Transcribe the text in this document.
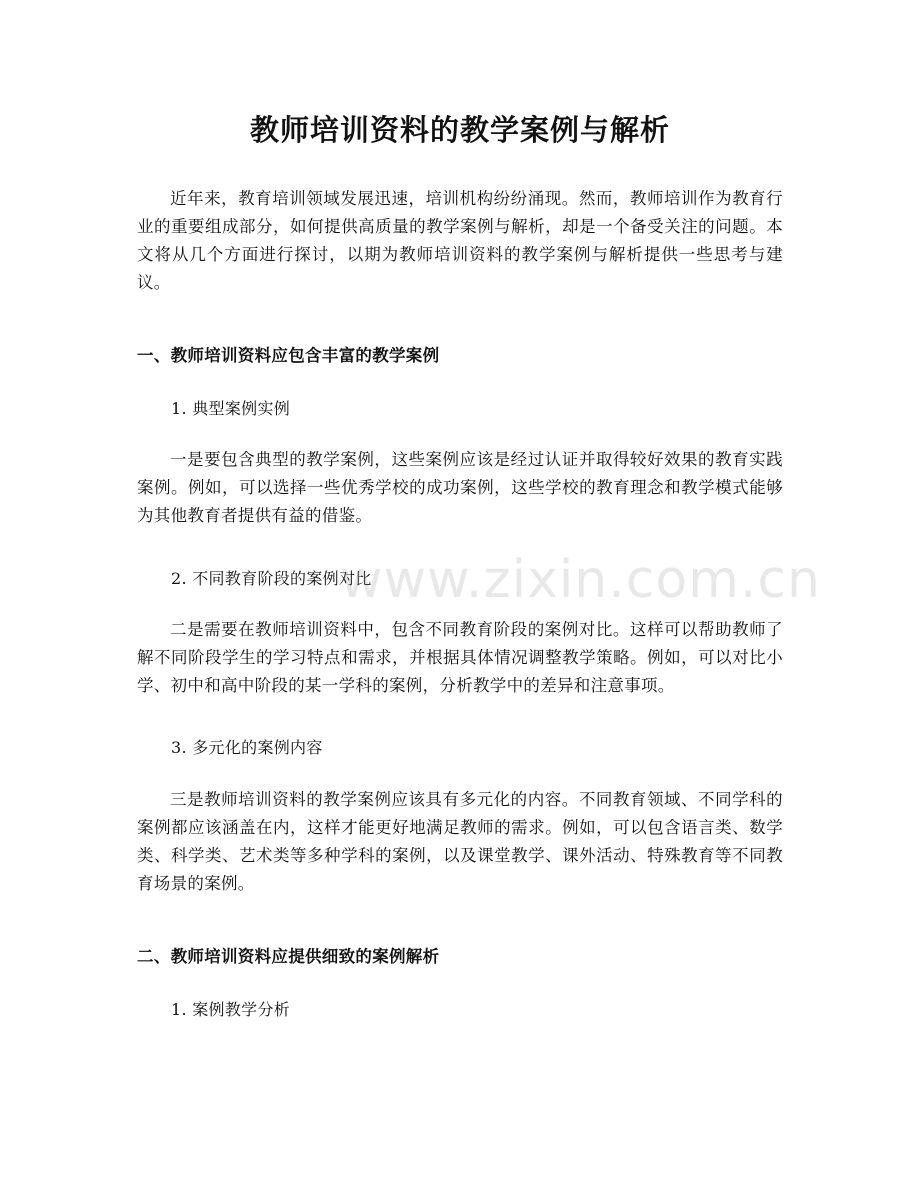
教师培训资料的教学案例与解析

近年来，教育培训领域发展迅速，培训机构纷纷涌现。然而，教师培训作为教育行业的重要组成部分，如何提供高质量的教学案例与解析，却是一个备受关注的问题。本文将从几个方面进行探讨，以期为教师培训资料的教学案例与解析提供一些思考与建议。

一、教师培训资料应包含丰富的教学案例
1. 典型案例实例

一是要包含典型的教学案例，这些案例应该是经过认证并取得较好效果的教育实践案例。例如，可以选择一些优秀学校的成功案例，这些学校的教育理念和教学模式能够为其他教育者提供有益的借鉴。

2. 不同教育阶段的案例对比

二是需要在教师培训资料中，包含不同教育阶段的案例对比。这样可以帮助教师了解不同阶段学生的学习特点和需求，并根据具体情况调整教学策略。例如，可以对比小学、初中和高中阶段的某一学科的案例，分析教学中的差异和注意事项。

3. 多元化的案例内容

三是教师培训资料的教学案例应该具有多元化的内容。不同教育领域、不同学科的案例都应该涵盖在内，这样才能更好地满足教师的需求。例如，可以包含语言类、数学类、科学类、艺术类等多种学科的案例，以及课堂教学、课外活动、特殊教育等不同教育场景的案例。

二、教师培训资料应提供细致的案例解析
1. 案例教学分析
www.zixin.com.cn
